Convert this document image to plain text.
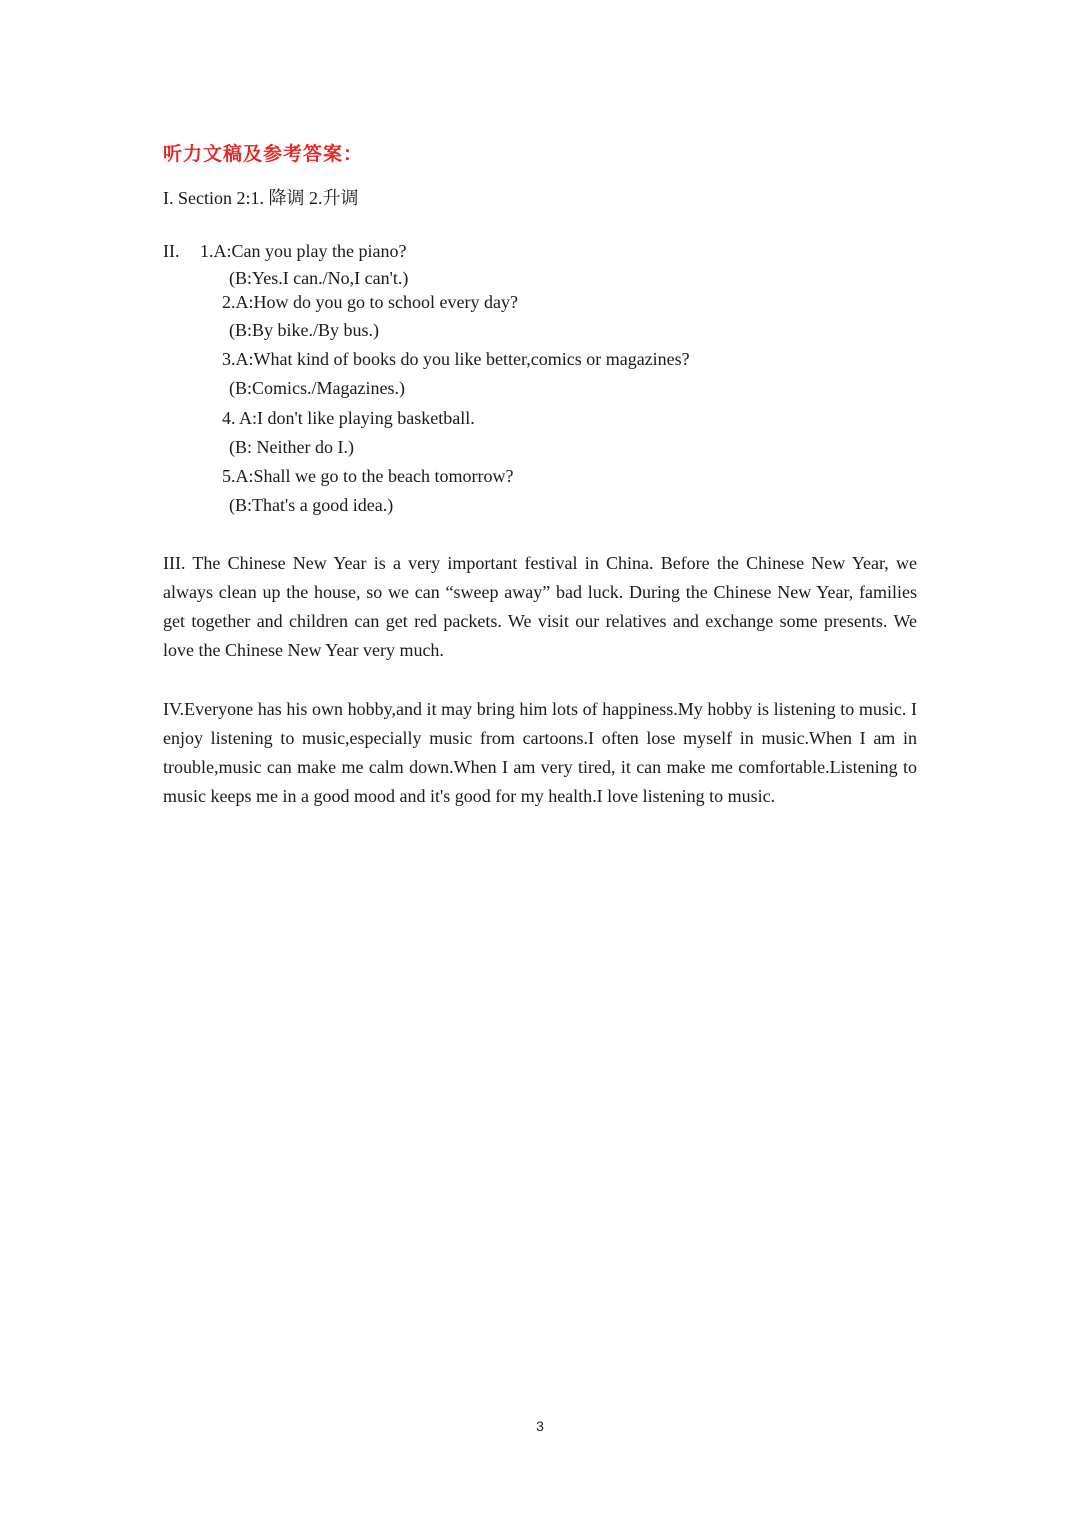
听力文稿及参考答案：
I. Section 2:1. 降调 2.升调
II. 1.A:Can you play the piano?
(B:Yes.I can./No,I can't.)
2.A:How do you go to school every day?
(B:By bike./By bus.)
3.A:What kind of books do you like better,comics or magazines?
(B:Comics./Magazines.)
4. A:I don't like playing basketball.
(B: Neither do I.)
5.A:Shall we go to the beach tomorrow?
(B:That's a good idea.)
III. The Chinese New Year is a very important festival in China. Before the Chinese New Year, we always clean up the house, so we can “sweep away” bad luck. During the Chinese New Year, families get together and children can get red packets. We visit our relatives and exchange some presents. We love the Chinese New Year very much.
IV.Everyone has his own hobby,and it may bring him lots of happiness.My hobby is listening to music. I enjoy listening to music,especially music from cartoons.I often lose myself in music.When I am in trouble,music can make me calm down.When I am very tired, it can make me comfortable.Listening to music keeps me in a good mood and it's good for my health.I love listening to music.
3
